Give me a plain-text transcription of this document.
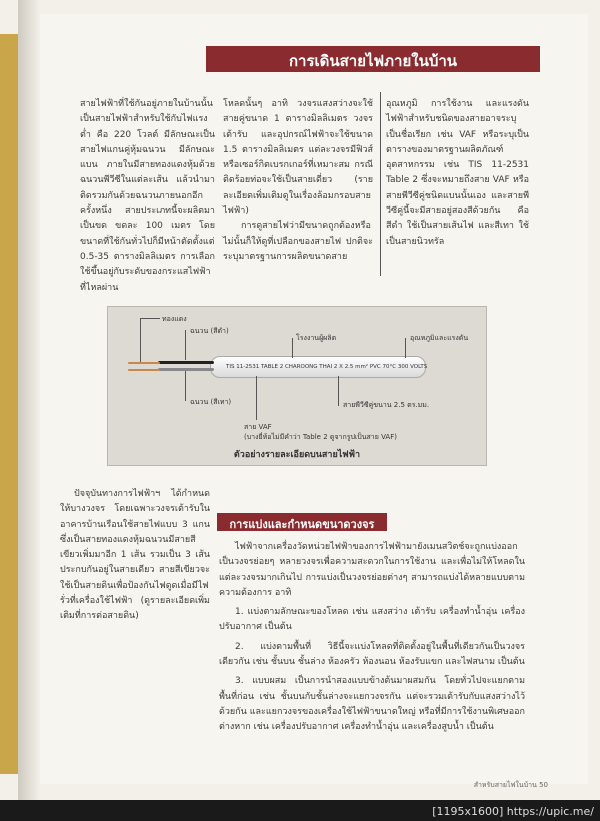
การเดินสายไฟภายในบ้าน

สายไฟฟ้าที่ใช้กันอยู่ภายในบ้านนั้นเป็นสายไฟฟ้าสำหรับใช้กับไฟแรงต่ำ คือ 220 โวลต์ มีลักษณะเป็นสายไฟแกนคู่หุ้มฉนวน มีลักษณะแบน ภายในมีสายทองแดงหุ้มด้วยฉนวนพีวีซีในแต่ละเส้น แล้วนำมาติดรวมกันด้วยฉนวนภายนอกอีกครั้งหนึ่ง สายประเภทนี้จะผลิตมาเป็นขด ขดละ 100 เมตร โดยขนาดที่ใช้กันทั่วไปก็มีหน้าตัดตั้งแต่ 0.5-35 ตารางมิลลิเมตร การเลือกใช้ขึ้นอยู่กับระดับของกระแสไฟฟ้าที่ไหลผ่าน

โหลดนั้นๆ อาทิ วงจรแสงสว่างจะใช้สายคู่ขนาด 1 ตารางมิลลิเมตร วงจรเต้ารับ และอุปกรณ์ไฟฟ้าจะใช้ขนาด 1.5 ตารางมิลลิเมตร แต่ละวงจรมีฟิวส์หรือเซอร์กิตเบรกเกอร์ที่เหมาะสม กรณีติดร้อยท่อจะใช้เป็นสายเดี่ยว (รายละเอียดเพิ่มเติมดูในเรื่องล้อมกรอบสายไฟฟ้า)

การดูสายไฟว่ามีขนาดถูกต้องหรือไม่นั้นก็ให้ดูที่เปลือกของสายไฟ ปกติจะระบุมาตรฐานการผลิตขนาดสาย

อุณหภูมิ การใช้งาน และแรงดันไฟฟ้าสำหรับชนิดของสายอาจระบุเป็นชื่อเรียก เช่น VAF หรือระบุเป็นตารางของมาตรฐานผลิตภัณฑ์อุตสาหกรรม เช่น TIS 11-2531 Table 2 ซึ่งจะหมายถึงสาย VAF หรือสายพีวีซีคู่ชนิดแบนนั้นเอง และสายพีวีซีคู่นี้จะมีสายอยู่สองสีด้วยกัน คือ สีดำ ใช้เป็นสายเส้นไฟ และสีเทา ใช้เป็นสายนิวทรัล

ตัวอย่างรายละเอียดบนสายไฟฟ้า
TIS 11-2531 TABLE 2 CHAROONG THAI 2 X 2.5 mm² PVC 70°C 300 VOLTS
ทองแดง
ฉนวน (สีดำ)
ฉนวน (สีเทา)
โรงงานผู้ผลิต	อุณหภูมิและแรงดัน
สายพีวีซีคู่ขนาน 2.5 ตร.มม.
สาย VAF
(บางยี่ห้อไม่มีคำว่า Table 2 ดูจากรูปเป็นสาย VAF)

ปัจจุบันทางการไฟฟ้าฯ ได้กำหนดให้บางวงจร โดยเฉพาะวงจรเต้ารับในอาคารบ้านเรือนใช้สายไฟแบบ 3 แกน ซึ่งเป็นสายทองแดงหุ้มฉนวนมีสายสีเขียวเพิ่มมาอีก 1 เส้น รวมเป็น 3 เส้นประกบกันอยู่ในสายเดียว สายสีเขียวจะใช้เป็นสายดินเพื่อป้องกันไฟดูดเมื่อมีไฟรั่วที่เครื่องใช้ไฟฟ้า (ดูรายละเอียดเพิ่มเติมที่การต่อสายดิน)

การแบ่งและกำหนดขนาดวงจร

ไฟฟ้าจากเครื่องวัดหน่วยไฟฟ้าของการไฟฟ้ามายังเมนสวิตช์จะถูกแบ่งออกเป็นวงจรย่อยๆ หลายวงจรเพื่อความสะดวกในการใช้งาน และเพื่อไม่ให้โหลดในแต่ละวงจรมากเกินไป การแบ่งเป็นวงจรย่อยต่างๆ สามารถแบ่งได้หลายแบบตามความต้องการ อาทิ

1. แบ่งตามลักษณะของโหลด เช่น แสงสว่าง เต้ารับ เครื่องทำน้ำอุ่น เครื่องปรับอากาศ เป็นต้น

2. แบ่งตามพื้นที่ วิธีนี้จะแบ่งโหลดที่ติดตั้งอยู่ในพื้นที่เดียวกันเป็นวงจรเดียวกัน เช่น ชั้นบน ชั้นล่าง ห้องครัว ห้องนอน ห้องรับแขก และไฟสนาม เป็นต้น

3. แบบผสม เป็นการนำสองแบบข้างต้นมาผสมกัน โดยทั่วไปจะแยกตามพื้นที่ก่อน เช่น ชั้นบนกับชั้นล่างจะแยกวงจรกัน แต่จะรวมเต้ารับกับแสงสว่างไว้ด้วยกัน และแยกวงจรของเครื่องใช้ไฟฟ้าขนาดใหญ่ หรือที่มีการใช้งานพิเศษออกต่างหาก เช่น เครื่องปรับอากาศ เครื่องทำน้ำอุ่น และเครื่องสูบน้ำ เป็นต้น

สำหรับสายไฟในบ้าน 50
[1195x1600] https://upic.me/
